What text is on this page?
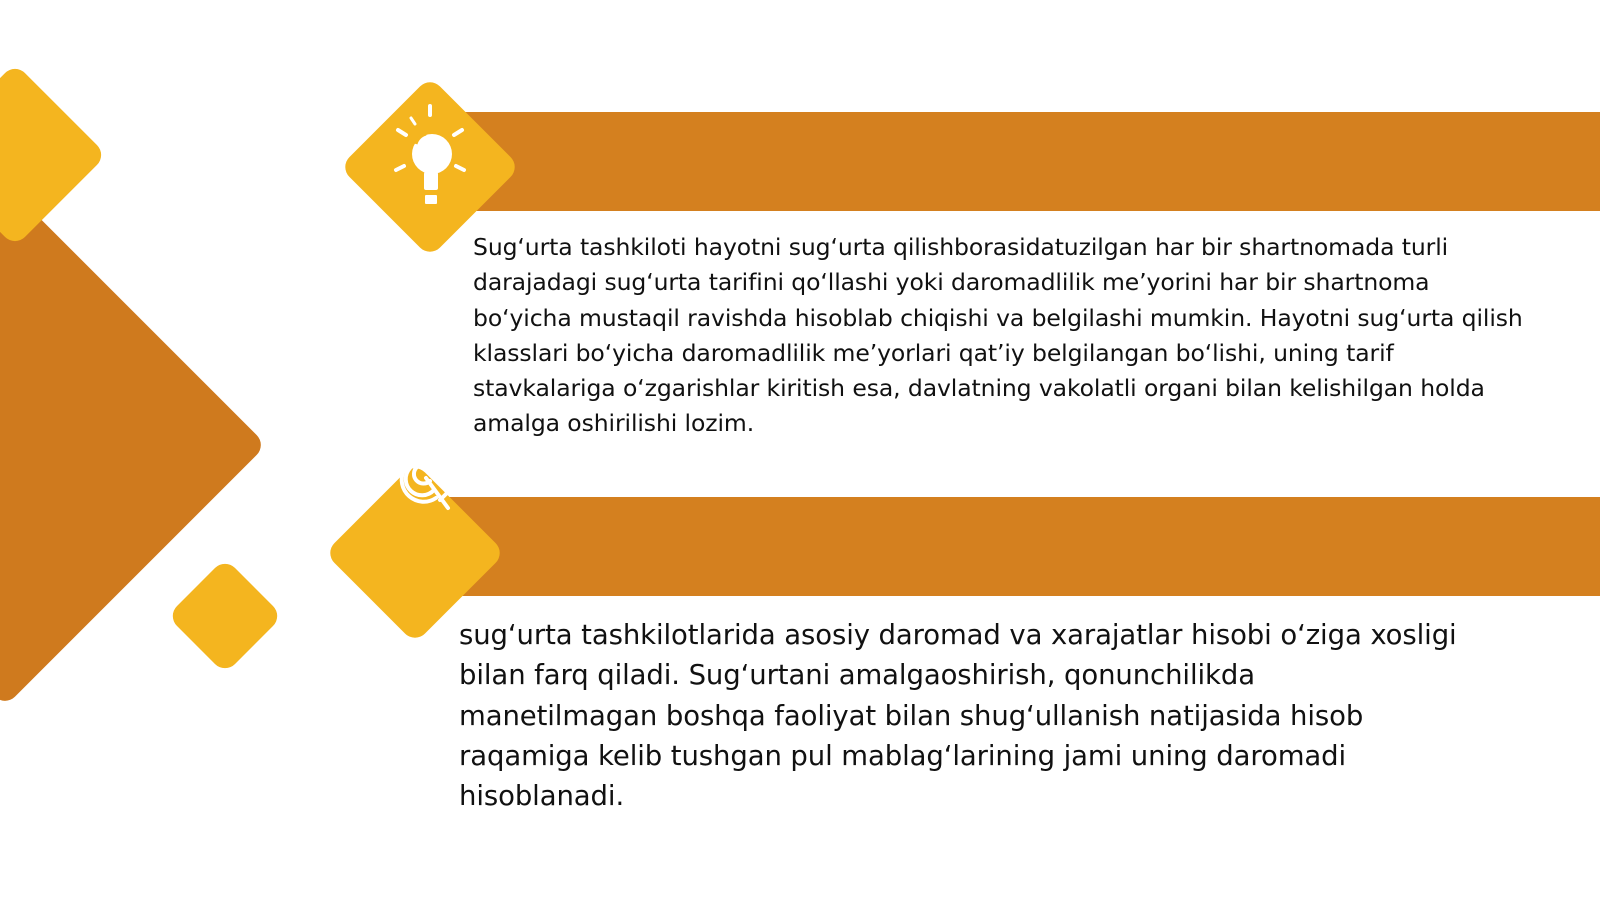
Sug‘urta tashkiloti hayotni sug‘urta qilishborasidatuzilgan har bir shartnomada turli darajadagi sug‘urta tarifini qo‘llashi yoki daromadlilik me’yorini har bir shartnoma bo‘yicha mustaqil ravishda hisoblab chiqishi va belgilashi mumkin. Hayotni sug‘urta qilish klasslari bo‘yicha daromadlilik me’yorlari qat’iy belgilangan bo‘lishi, uning tarif stavkalariga o‘zgarishlar kiritish esa, davlatning vakolatli organi bilan kelishilgan holda amalga oshirilishi lozim.

sug‘urta tashkilotlarida asosiy daromad va xarajatlar hisobi o‘ziga xosligi bilan farq qiladi. Sug‘urtani amalgaoshirish, qonunchilikda manetilmagan boshqa faoliyat bilan shug‘ullanish natijasida hisob raqamiga kelib tushgan pul mablag‘larining jami uning daromadi hisoblanadi.
